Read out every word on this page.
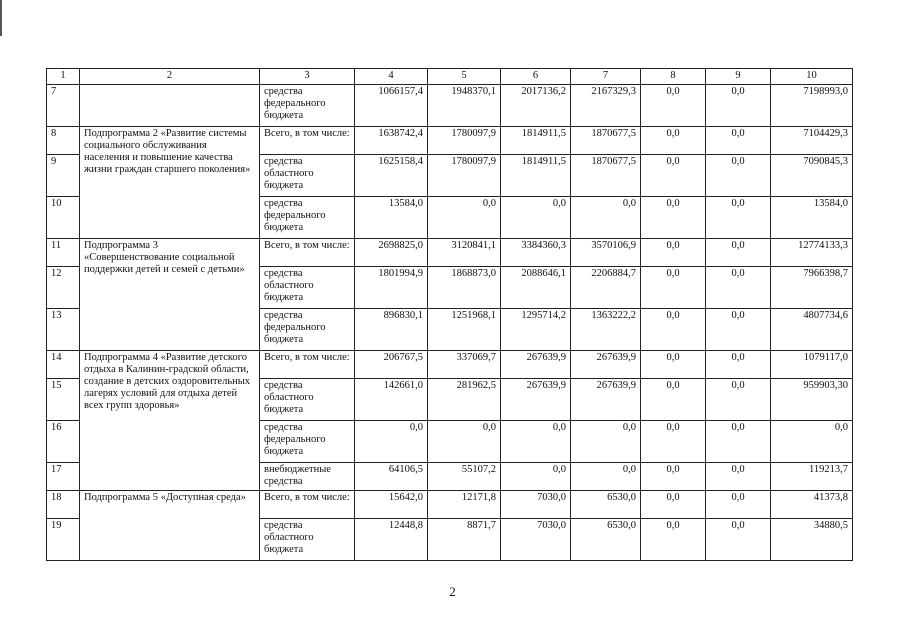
1	2	3	4	5	6	7	8	9	10
7		средства федерального бюджета	1066157,4	1948370,1	2017136,2	2167329,3	0,0	0,0	7198993,0
8	Подпрограмма 2 «Развитие системы социального обслуживания населения и повышение качества жизни граждан старшего поколения»	Всего, в том числе:	1638742,4	1780097,9	1814911,5	1870677,5	0,0	0,0	7104429,3
9		средства областного бюджета	1625158,4	1780097,9	1814911,5	1870677,5	0,0	0,0	7090845,3
10		средства федерального бюджета	13584,0	0,0	0,0	0,0	0,0	0,0	13584,0
11	Подпрограмма 3 «Совершенствование социальной поддержки детей и семей с детьми»	Всего, в том числе:	2698825,0	3120841,1	3384360,3	3570106,9	0,0	0,0	12774133,3
12		средства областного бюджета	1801994,9	1868873,0	2088646,1	2206884,7	0,0	0,0	7966398,7
13		средства федерального бюджета	896830,1	1251968,1	1295714,2	1363222,2	0,0	0,0	4807734,6
14	Подпрограмма 4 «Развитие детского отдыха в Калинин-градской области, создание в детских оздоровительных лагерях условий для отдыха детей всех групп здоровья»	Всего, в том числе:	206767,5	337069,7	267639,9	267639,9	0,0	0,0	1079117,0
15		средства областного бюджета	142661,0	281962,5	267639,9	267639,9	0,0	0,0	959903,30
16		средства федерального бюджета	0,0	0,0	0,0	0,0	0,0	0,0	0,0
17		внебюджетные средства	64106,5	55107,2	0,0	0,0	0,0	0,0	119213,7
18	Подпрограмма 5 «Доступная среда»	Всего, в том числе:	15642,0	12171,8	7030,0	6530,0	0,0	0,0	41373,8
19		средства областного бюджета	12448,8	8871,7	7030,0	6530,0	0,0	0,0	34880,5
2
